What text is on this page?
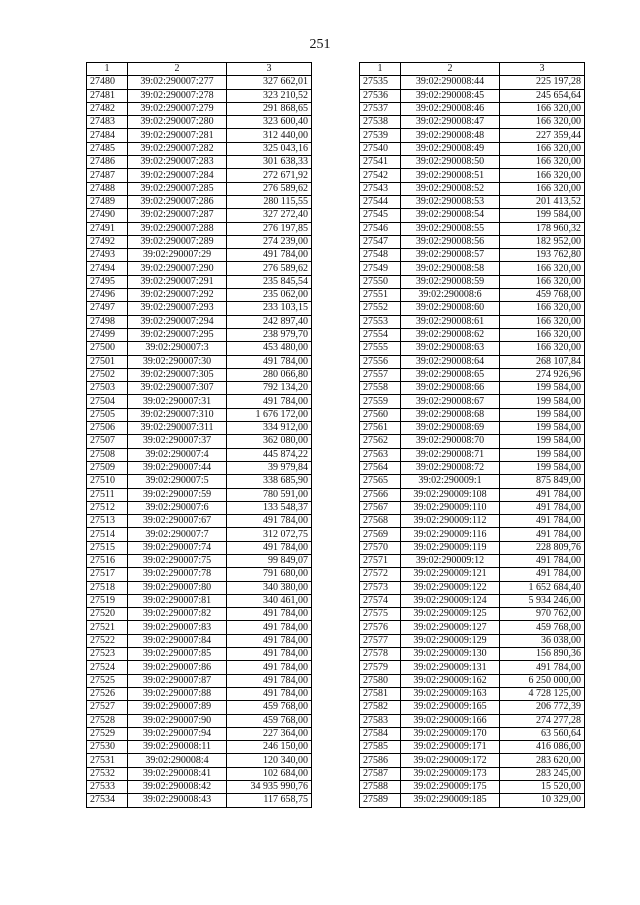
251
1	2	3
27480	39:02:290007:277	327 662,01
27481	39:02:290007:278	323 210,52
27482	39:02:290007:279	291 868,65
27483	39:02:290007:280	323 600,40
27484	39:02:290007:281	312 440,00
27485	39:02:290007:282	325 043,16
27486	39:02:290007:283	301 638,33
27487	39:02:290007:284	272 671,92
27488	39:02:290007:285	276 589,62
27489	39:02:290007:286	280 115,55
27490	39:02:290007:287	327 272,40
27491	39:02:290007:288	276 197,85
27492	39:02:290007:289	274 239,00
27493	39:02:290007:29	491 784,00
27494	39:02:290007:290	276 589,62
27495	39:02:290007:291	235 845,54
27496	39:02:290007:292	235 062,00
27497	39:02:290007:293	233 103,15
27498	39:02:290007:294	242 897,40
27499	39:02:290007:295	238 979,70
27500	39:02:290007:3	453 480,00
27501	39:02:290007:30	491 784,00
27502	39:02:290007:305	280 066,80
27503	39:02:290007:307	792 134,20
27504	39:02:290007:31	491 784,00
27505	39:02:290007:310	1 676 172,00
27506	39:02:290007:311	334 912,00
27507	39:02:290007:37	362 080,00
27508	39:02:290007:4	445 874,22
27509	39:02:290007:44	39 979,84
27510	39:02:290007:5	338 685,90
27511	39:02:290007:59	780 591,00
27512	39:02:290007:6	133 548,37
27513	39:02:290007:67	491 784,00
27514	39:02:290007:7	312 072,75
27515	39:02:290007:74	491 784,00
27516	39:02:290007:75	99 849,07
27517	39:02:290007:78	791 680,00
27518	39:02:290007:80	340 380,00
27519	39:02:290007:81	340 461,00
27520	39:02:290007:82	491 784,00
27521	39:02:290007:83	491 784,00
27522	39:02:290007:84	491 784,00
27523	39:02:290007:85	491 784,00
27524	39:02:290007:86	491 784,00
27525	39:02:290007:87	491 784,00
27526	39:02:290007:88	491 784,00
27527	39:02:290007:89	459 768,00
27528	39:02:290007:90	459 768,00
27529	39:02:290007:94	227 364,00
27530	39:02:290008:11	246 150,00
27531	39:02:290008:4	120 340,00
27532	39:02:290008:41	102 684,00
27533	39:02:290008:42	34 935 990,76
27534	39:02:290008:43	117 658,75
1	2	3
27535	39:02:290008:44	225 197,28
27536	39:02:290008:45	245 654,64
27537	39:02:290008:46	166 320,00
27538	39:02:290008:47	166 320,00
27539	39:02:290008:48	227 359,44
27540	39:02:290008:49	166 320,00
27541	39:02:290008:50	166 320,00
27542	39:02:290008:51	166 320,00
27543	39:02:290008:52	166 320,00
27544	39:02:290008:53	201 413,52
27545	39:02:290008:54	199 584,00
27546	39:02:290008:55	178 960,32
27547	39:02:290008:56	182 952,00
27548	39:02:290008:57	193 762,80
27549	39:02:290008:58	166 320,00
27550	39:02:290008:59	166 320,00
27551	39:02:290008:6	459 768,00
27552	39:02:290008:60	166 320,00
27553	39:02:290008:61	166 320,00
27554	39:02:290008:62	166 320,00
27555	39:02:290008:63	166 320,00
27556	39:02:290008:64	268 107,84
27557	39:02:290008:65	274 926,96
27558	39:02:290008:66	199 584,00
27559	39:02:290008:67	199 584,00
27560	39:02:290008:68	199 584,00
27561	39:02:290008:69	199 584,00
27562	39:02:290008:70	199 584,00
27563	39:02:290008:71	199 584,00
27564	39:02:290008:72	199 584,00
27565	39:02:290009:1	875 849,00
27566	39:02:290009:108	491 784,00
27567	39:02:290009:110	491 784,00
27568	39:02:290009:112	491 784,00
27569	39:02:290009:116	491 784,00
27570	39:02:290009:119	228 809,76
27571	39:02:290009:12	491 784,00
27572	39:02:290009:121	491 784,00
27573	39:02:290009:122	1 652 684,40
27574	39:02:290009:124	5 934 246,00
27575	39:02:290009:125	970 762,00
27576	39:02:290009:127	459 768,00
27577	39:02:290009:129	36 038,00
27578	39:02:290009:130	156 890,36
27579	39:02:290009:131	491 784,00
27580	39:02:290009:162	6 250 000,00
27581	39:02:290009:163	4 728 125,00
27582	39:02:290009:165	206 772,39
27583	39:02:290009:166	274 277,28
27584	39:02:290009:170	63 560,64
27585	39:02:290009:171	416 086,00
27586	39:02:290009:172	283 620,00
27587	39:02:290009:173	283 245,00
27588	39:02:290009:175	15 520,00
27589	39:02:290009:185	10 329,00
